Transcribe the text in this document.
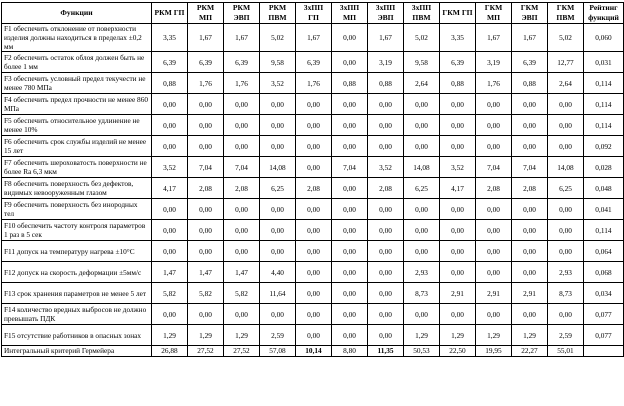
Функции	РКМ ГП	РКМ МП	РКМ ЭВП	РКМ ПВМ	3хПП ГП	3хПП МП	3хПП ЭВП	3хПП ПВМ	ГКМ ГП	ГКМ МП	ГКМ ЭВП	ГКМ ПВМ	Рейтинг функций
F1 обеспечить отклонение от поверхности изделия должны находиться в пределах ±0,2 мм	3,35	1,67	1,67	5,02	1,67	0,00	1,67	5,02	3,35	1,67	1,67	5,02	0,060
F2 обеспечить остаток облоя должен быть не более 1 мм	6,39	6,39	6,39	9,58	6,39	0,00	3,19	9,58	6,39	3,19	6,39	12,77	0,031
F3 обеспечить условный предел текучести не менее 780 МПа	0,88	1,76	1,76	3,52	1,76	0,88	0,88	2,64	0,88	1,76	0,88	2,64	0,114
F4 обеспечить предел прочности не менее 860 МПа	0,00	0,00	0,00	0,00	0,00	0,00	0,00	0,00	0,00	0,00	0,00	0,00	0,114
F5 обеспечить относительное удлинение не менее 10%	0,00	0,00	0,00	0,00	0,00	0,00	0,00	0,00	0,00	0,00	0,00	0,00	0,114
F6 обеспечить срок службы изделий не менее 15 лет	0,00	0,00	0,00	0,00	0,00	0,00	0,00	0,00	0,00	0,00	0,00	0,00	0,092
F7 обеспечить шероховатость поверхности не более Ra 6,3 мкм	3,52	7,04	7,04	14,08	0,00	7,04	3,52	14,08	3,52	7,04	7,04	14,08	0,028
F8 обеспечить поверхность без дефектов, видимых невооруженным глазом	4,17	2,08	2,08	6,25	2,08	0,00	2,08	6,25	4,17	2,08	2,08	6,25	0,048
F9 обеспечить поверхность без инородных тел	0,00	0,00	0,00	0,00	0,00	0,00	0,00	0,00	0,00	0,00	0,00	0,00	0,041
F10 обеспечить частоту контроля параметров 1 раз в 5 сек	0,00	0,00	0,00	0,00	0,00	0,00	0,00	0,00	0,00	0,00	0,00	0,00	0,114
F11 допуск на температуру нагрева ±10°С	0,00	0,00	0,00	0,00	0,00	0,00	0,00	0,00	0,00	0,00	0,00	0,00	0,064
F12 допуск на скорость деформации ±5мм/с	1,47	1,47	1,47	4,40	0,00	0,00	0,00	2,93	0,00	0,00	0,00	2,93	0,068
F13 срок хранения параметров не менее 5 лет	5,82	5,82	5,82	11,64	0,00	0,00	0,00	8,73	2,91	2,91	2,91	8,73	0,034
F14 количество вредных выбросов не должно превышать ПДК	0,00	0,00	0,00	0,00	0,00	0,00	0,00	0,00	0,00	0,00	0,00	0,00	0,077
F15 отсутствие работников в опасных зонах	1,29	1,29	1,29	2,59	0,00	0,00	0,00	1,29	1,29	1,29	1,29	2,59	0,077
Интегральный критерий Гермейера	26,88	27,52	27,52	57,08	10,14	8,80	11,35	50,53	22,50	19,95	22,27	55,01	
